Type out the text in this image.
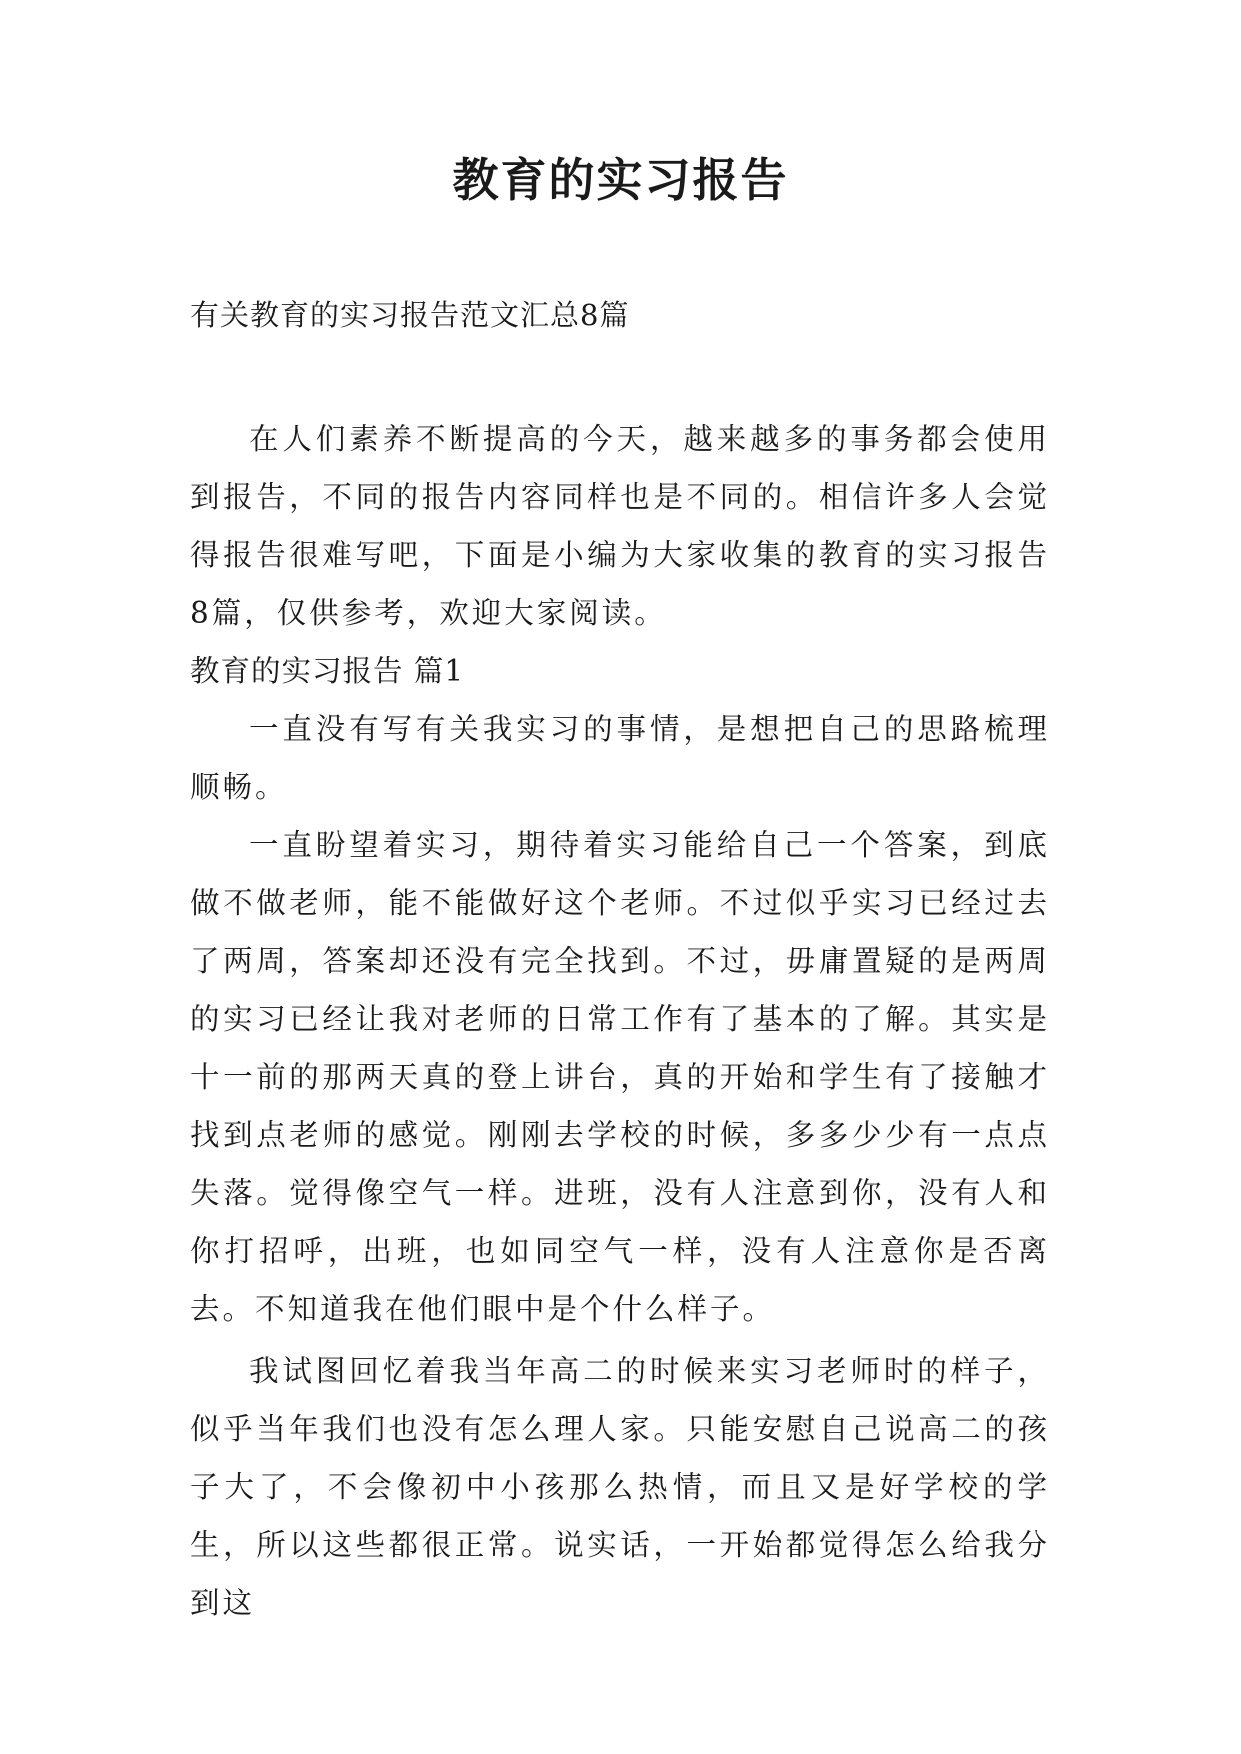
教育的实习报告

有关教育的实习报告范文汇总8篇

在人们素养不断提高的今天，越来越多的事务都会使用到报告，不同的报告内容同样也是不同的。相信许多人会觉得报告很难写吧，下面是小编为大家收集的教育的实习报告8篇，仅供参考，欢迎大家阅读。

教育的实习报告 篇1

一直没有写有关我实习的事情，是想把自己的思路梳理顺畅。

一直盼望着实习，期待着实习能给自己一个答案，到底做不做老师，能不能做好这个老师。不过似乎实习已经过去了两周，答案却还没有完全找到。不过，毋庸置疑的是两周的实习已经让我对老师的日常工作有了基本的了解。其实是十一前的那两天真的登上讲台，真的开始和学生有了接触才找到点老师的感觉。刚刚去学校的时候，多多少少有一点点失落。觉得像空气一样。进班，没有人注意到你，没有人和你打招呼，出班，也如同空气一样，没有人注意你是否离去。不知道我在他们眼中是个什么样子。

我试图回忆着我当年高二的时候来实习老师时的样子，似乎当年我们也没有怎么理人家。只能安慰自己说高二的孩子大了，不会像初中小孩那么热情，而且又是好学校的学生，所以这些都很正常。说实话，一开始都觉得怎么给我分到这
